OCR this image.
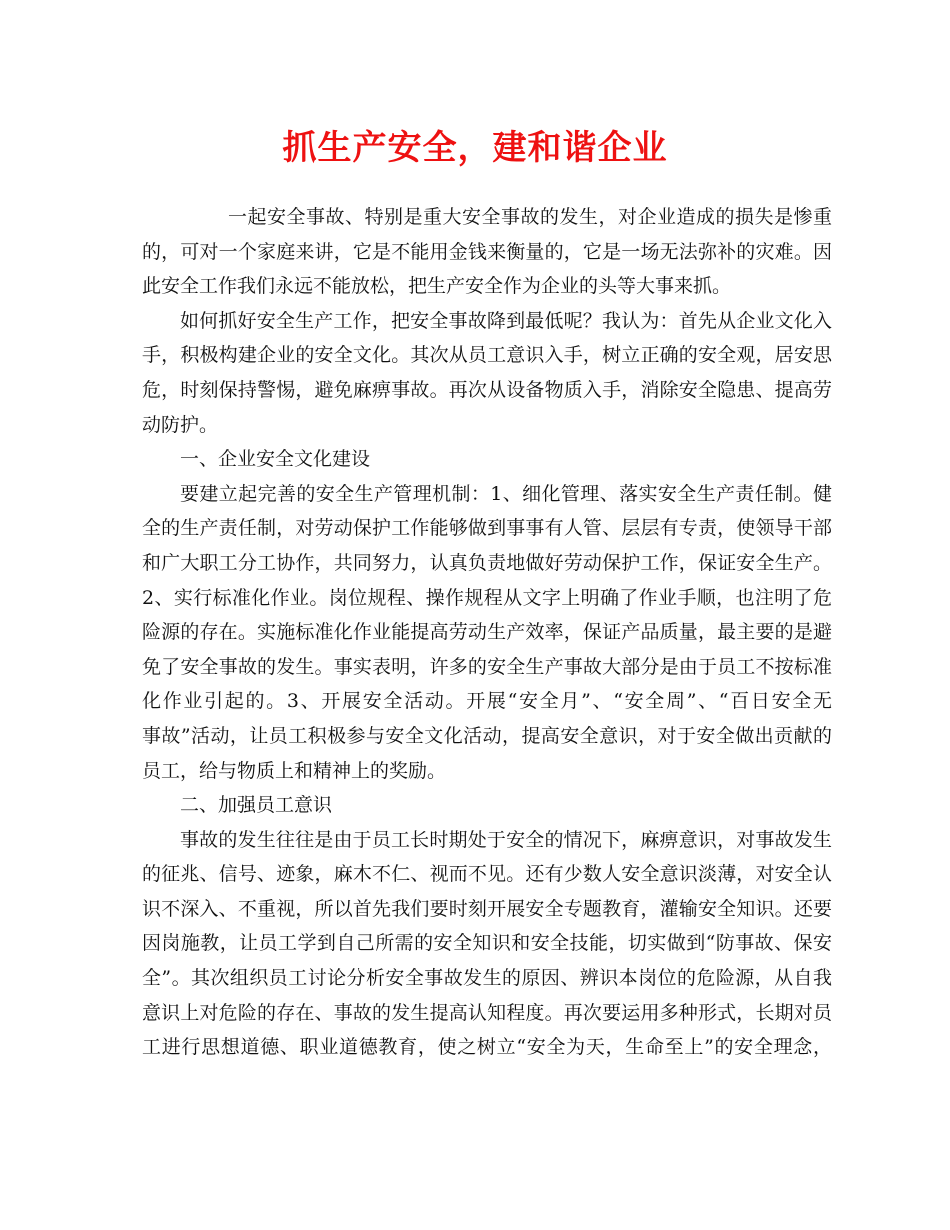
抓生产安全，建和谐企业
一起安全事故、特别是重大安全事故的发生，对企业造成的损失是惨重
的，可对一个家庭来讲，它是不能用金钱来衡量的，它是一场无法弥补的灾难。因
此安全工作我们永远不能放松，把生产安全作为企业的头等大事来抓。
如何抓好安全生产工作，把安全事故降到最低呢？我认为：首先从企业文化入
手，积极构建企业的安全文化。其次从员工意识入手，树立正确的安全观，居安思
危，时刻保持警惕，避免麻痹事故。再次从设备物质入手，消除安全隐患、提高劳
动防护。
一、企业安全文化建设
要建立起完善的安全生产管理机制：1、细化管理、落实安全生产责任制。健
全的生产责任制，对劳动保护工作能够做到事事有人管、层层有专责，使领导干部
和广大职工分工协作，共同努力，认真负责地做好劳动保护工作，保证安全生产。
2、实行标准化作业。岗位规程、操作规程从文字上明确了作业手顺，也注明了危
险源的存在。实施标准化作业能提高劳动生产效率，保证产品质量，最主要的是避
免了安全事故的发生。事实表明，许多的安全生产事故大部分是由于员工不按标准
化作业引起的。3、开展安全活动。开展“安全月”、“安全周”、“百日安全无
事故”活动，让员工积极参与安全文化活动，提高安全意识，对于安全做出贡献的
员工，给与物质上和精神上的奖励。
二、加强员工意识
事故的发生往往是由于员工长时期处于安全的情况下，麻痹意识，对事故发生
的征兆、信号、迹象，麻木不仁、视而不见。还有少数人安全意识淡薄，对安全认
识不深入、不重视，所以首先我们要时刻开展安全专题教育，灌输安全知识。还要
因岗施教，让员工学到自己所需的安全知识和安全技能，切实做到“防事故、保安
全”。其次组织员工讨论分析安全事故发生的原因、辨识本岗位的危险源，从自我
意识上对危险的存在、事故的发生提高认知程度。再次要运用多种形式，长期对员
工进行思想道德、职业道德教育，使之树立“安全为天，生命至上”的安全理念，
